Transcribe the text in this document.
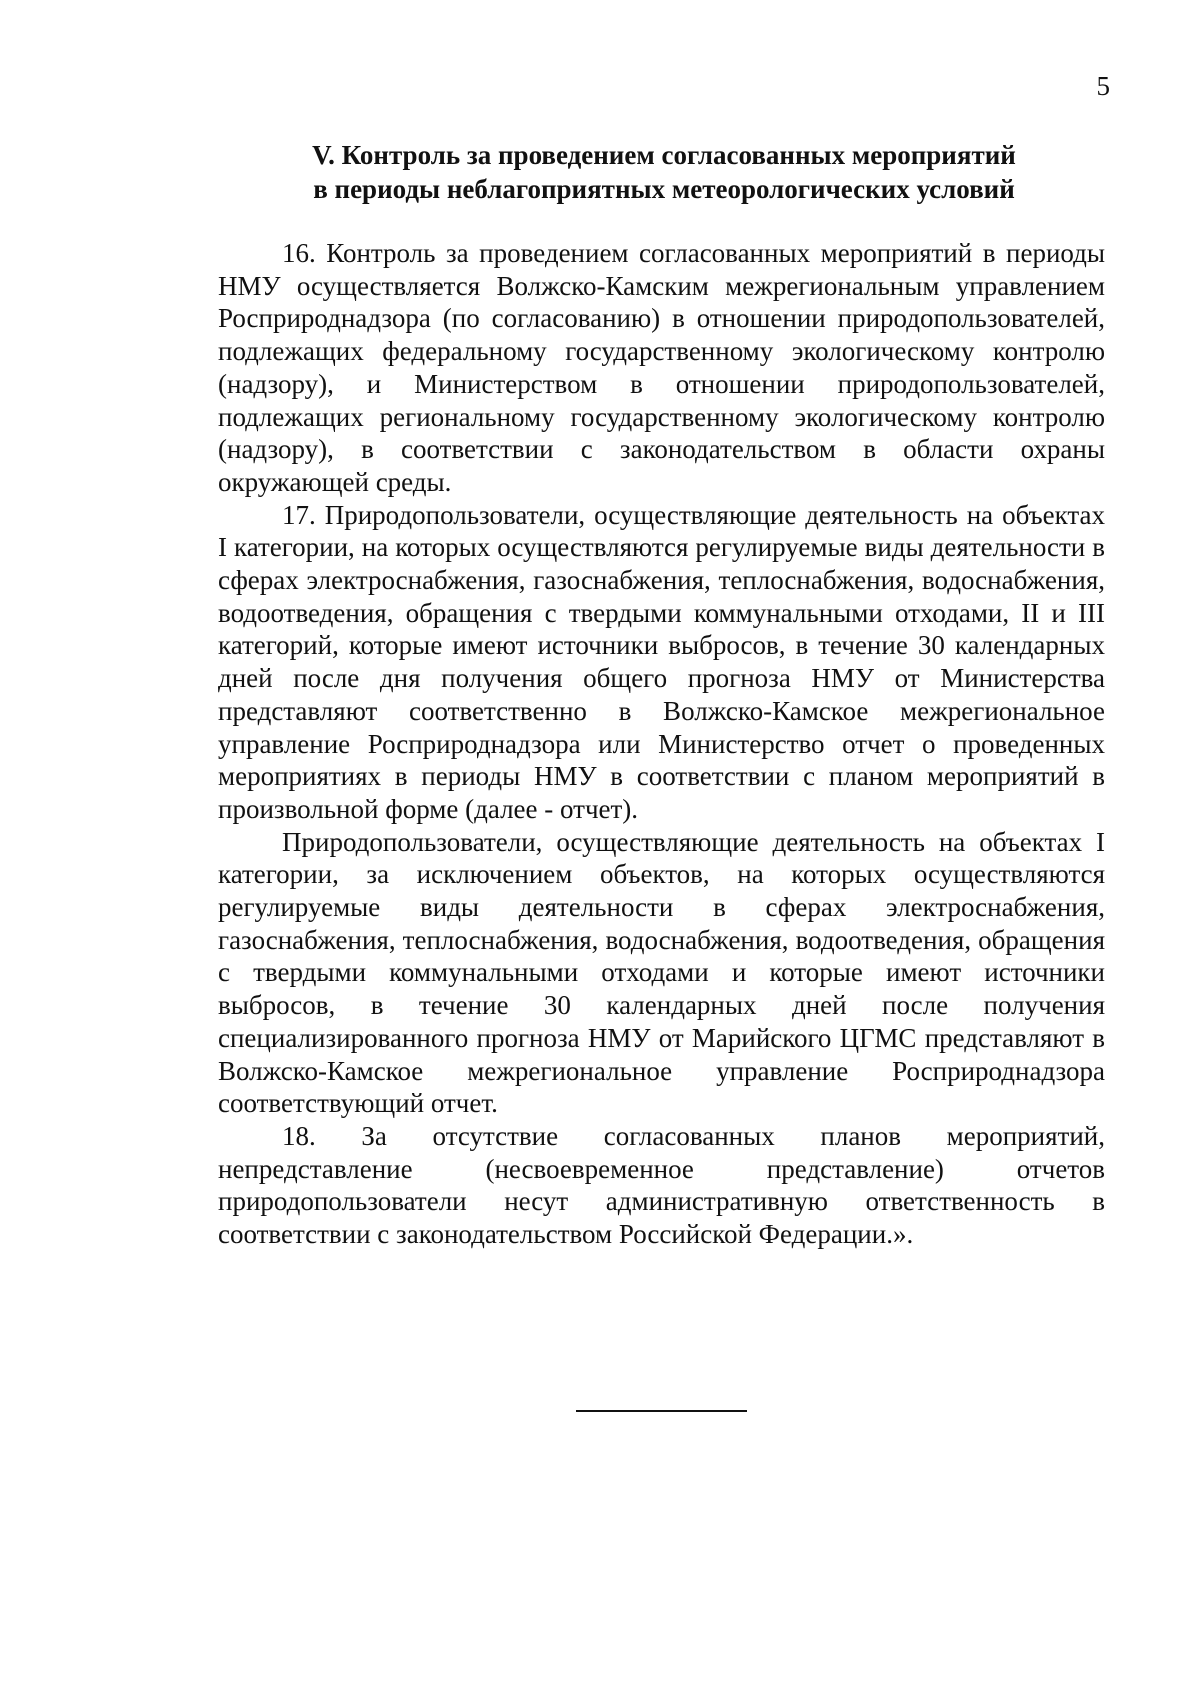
5
V. Контроль за проведением согласованных мероприятий
в периоды неблагоприятных метеорологических условий

16. Контроль за проведением согласованных мероприятий в периоды НМУ осуществляется Волжско-Камским межрегиональным управлением Росприроднадзора (по согласованию) в отношении природопользователей, подлежащих федеральному государственному экологическому контролю (надзору), и Министерством в отношении природопользователей, подлежащих региональному государственному экологическому контролю (надзору), в соответствии с законодательством в области охраны окружающей среды.

17. Природопользователи, осуществляющие деятельность на объектах I категории, на которых осуществляются регулируемые виды деятельности в сферах электроснабжения, газоснабжения, теплоснабжения, водоснабжения, водоотведения, обращения с твердыми коммунальными отходами, II и III категорий, которые имеют источники выбросов, в течение 30 календарных дней после дня получения общего прогноза НМУ от Министерства представляют соответственно в Волжско-Камское межрегиональное управление Росприроднадзора или Министерство отчет о проведенных мероприятиях в периоды НМУ в соответствии с планом мероприятий в произвольной форме (далее - отчет).

Природопользователи, осуществляющие деятельность на объектах I категории, за исключением объектов, на которых осуществляются регулируемые виды деятельности в сферах электроснабжения, газоснабжения, теплоснабжения, водоснабжения, водоотведения, обращения с твердыми коммунальными отходами и которые имеют источники выбросов, в течение 30 календарных дней после получения специализированного прогноза НМУ от Марийского ЦГМС представляют в Волжско-Камское межрегиональное управление Росприроднадзора соответствующий отчет.

18. За отсутствие согласованных планов мероприятий, непредставление (несвоевременное представление) отчетов природопользователи несут административную ответственность в соответствии с законодательством Российской Федерации.».
